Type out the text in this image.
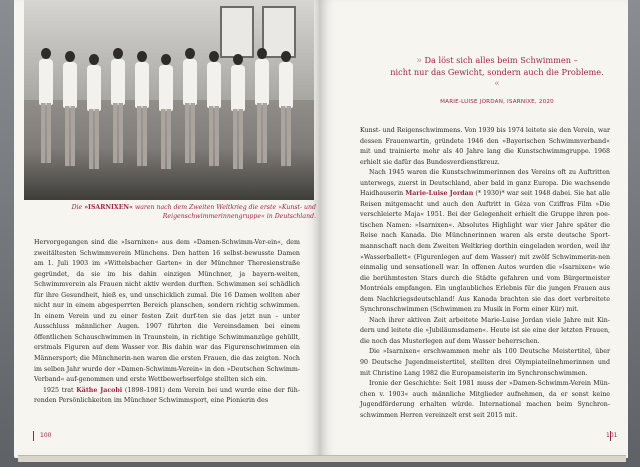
Die »ISARNIXEN« waren nach dem Zweiten Weltkrieg die erste »Kunst- und Reigenschwimmerinnengruppe« in Deutschland.

Hervorgegangen sind die »Isarnixen« aus dem »Damen-Schwimm-Ver-ein«, dem zweitältesten Schwimmverein Münchens. Den hatten 16 selbst-bewusste Damen am 1. Juli 1903 im »Wittelsbacher Garten« in der Münchner Theresienstraße gegründet, da sie im bis dahin einzigen Münchner, ja bayern-weiten, Schwimmverein als Frauen nicht aktiv werden durften. Schwimmen sei schädlich für ihre Gesundheit, hieß es, und unschicklich zumal. Die 16 Damen wollten aber nicht nur in einem abgesperrten Bereich planschen, sondern richtig schwimmen. In einem Verein und zu einer festen Zeit durf-ten sie das jetzt nun – unter Ausschluss männlicher Augen. 1907 führten die Vereinsdamen bei einem öffentlichen Schauschwimmen in Traunstein, in richtige Schwimmanzüge gehüllt, erstmals Figuren auf dem Wasser vor. Bis dahin war das Figurenschwimmen ein Männersport; die Münchnerin-nen waren die ersten Frauen, die das zeigten. Noch im selben Jahr wurde der »Damen-Schwimm-Verein« in den »Deutschen Schwimm-Verband« auf-genommen und erste Wettbewerbserfolge stellten sich ein.

1925 trat Käthe Jacobi (1898–1981) dem Verein bei und wurde eine der füh-renden Persönlichkeiten im Münchner Schwimmsport, eine Pionierin des

100
» Da löst sich alles beim Schwimmen –
nicht nur das Gewicht, sondern auch die Probleme. «
MARIE-LUISE JORDAN, ISARNIXE, 2020

Kunst- und Reigenschwimmens. Von 1939 bis 1974 leitete sie den Verein, war dessen Frauenwartin, gründete 1946 den »Bayerischen Schwimmverband« mit und trainierte mehr als 40 Jahre lang die Kunstschwimmgruppe. 1968 erhielt sie dafür das Bundesverdienstkreuz.

Nach 1945 waren die Kunstschwimmerinnen des Vereins oft zu Auftritten unterwegs, zuerst in Deutschland, aber bald in ganz Europa. Die wachsende Haidhauserin Marie-Luise Jordan (* 1930)* war seit 1948 dabei. Sie hat alle Reisen mitgemacht und auch den Auftritt in Géza von Cziffras Film »Die verschleierte Maja« 1951. Bei der Gelegenheit erhielt die Gruppe ihren poe-tischen Namen: »Isarnixen«. Absolutes Highlight war vier Jahre später die Reise nach Kanada. Die Münchnerinnen waren als erste deutsche Sport-mannschaft nach dem Zweiten Weltkrieg dorthin eingeladen worden, weil ihr »Wasserballett« (Figurenlegen auf dem Wasser) mit zwölf Schwimmerin-nen einmalig und sensationell war. In offenen Autos wurden die »Isarnixen« wie die berühmtesten Stars durch die Städte gefahren und vom Bürgermeister Montréals empfangen. Ein unglaubliches Erlebnis für die jungen Frauen aus dem Nachkriegsdeutschland! Aus Kanada brachten sie das dort verbreitete Synchronschwimmen (Schwimmen zu Musik in Form einer Kür) mit.

Nach ihrer aktiven Zeit arbeitete Marie-Luise Jordan viele Jahre mit Kin-dern und leitete die »Jubiläumsdamen«. Heute ist sie eine der letzten Frauen, die noch das Musterlegen auf dem Wasser beherrschen.

Die »Isarnixen« erschwammen mehr als 100 Deutsche Meistertitel, über 90 Deutsche Jugendmeistertitel, stellten drei Olympiateilnehmerinnen und mit Christine Lang 1982 die Europameisterin im Synchronschwimmen.

Ironie der Geschichte: Seit 1981 muss der »Damen-Schwimm-Verein Mün-chen v. 1903« auch männliche Mitglieder aufnehmen, da er sonst keine Jugendförderung erhalten würde. International machen beim Synchron-schwimmen Herren vereinzelt erst seit 2015 mit.

101
